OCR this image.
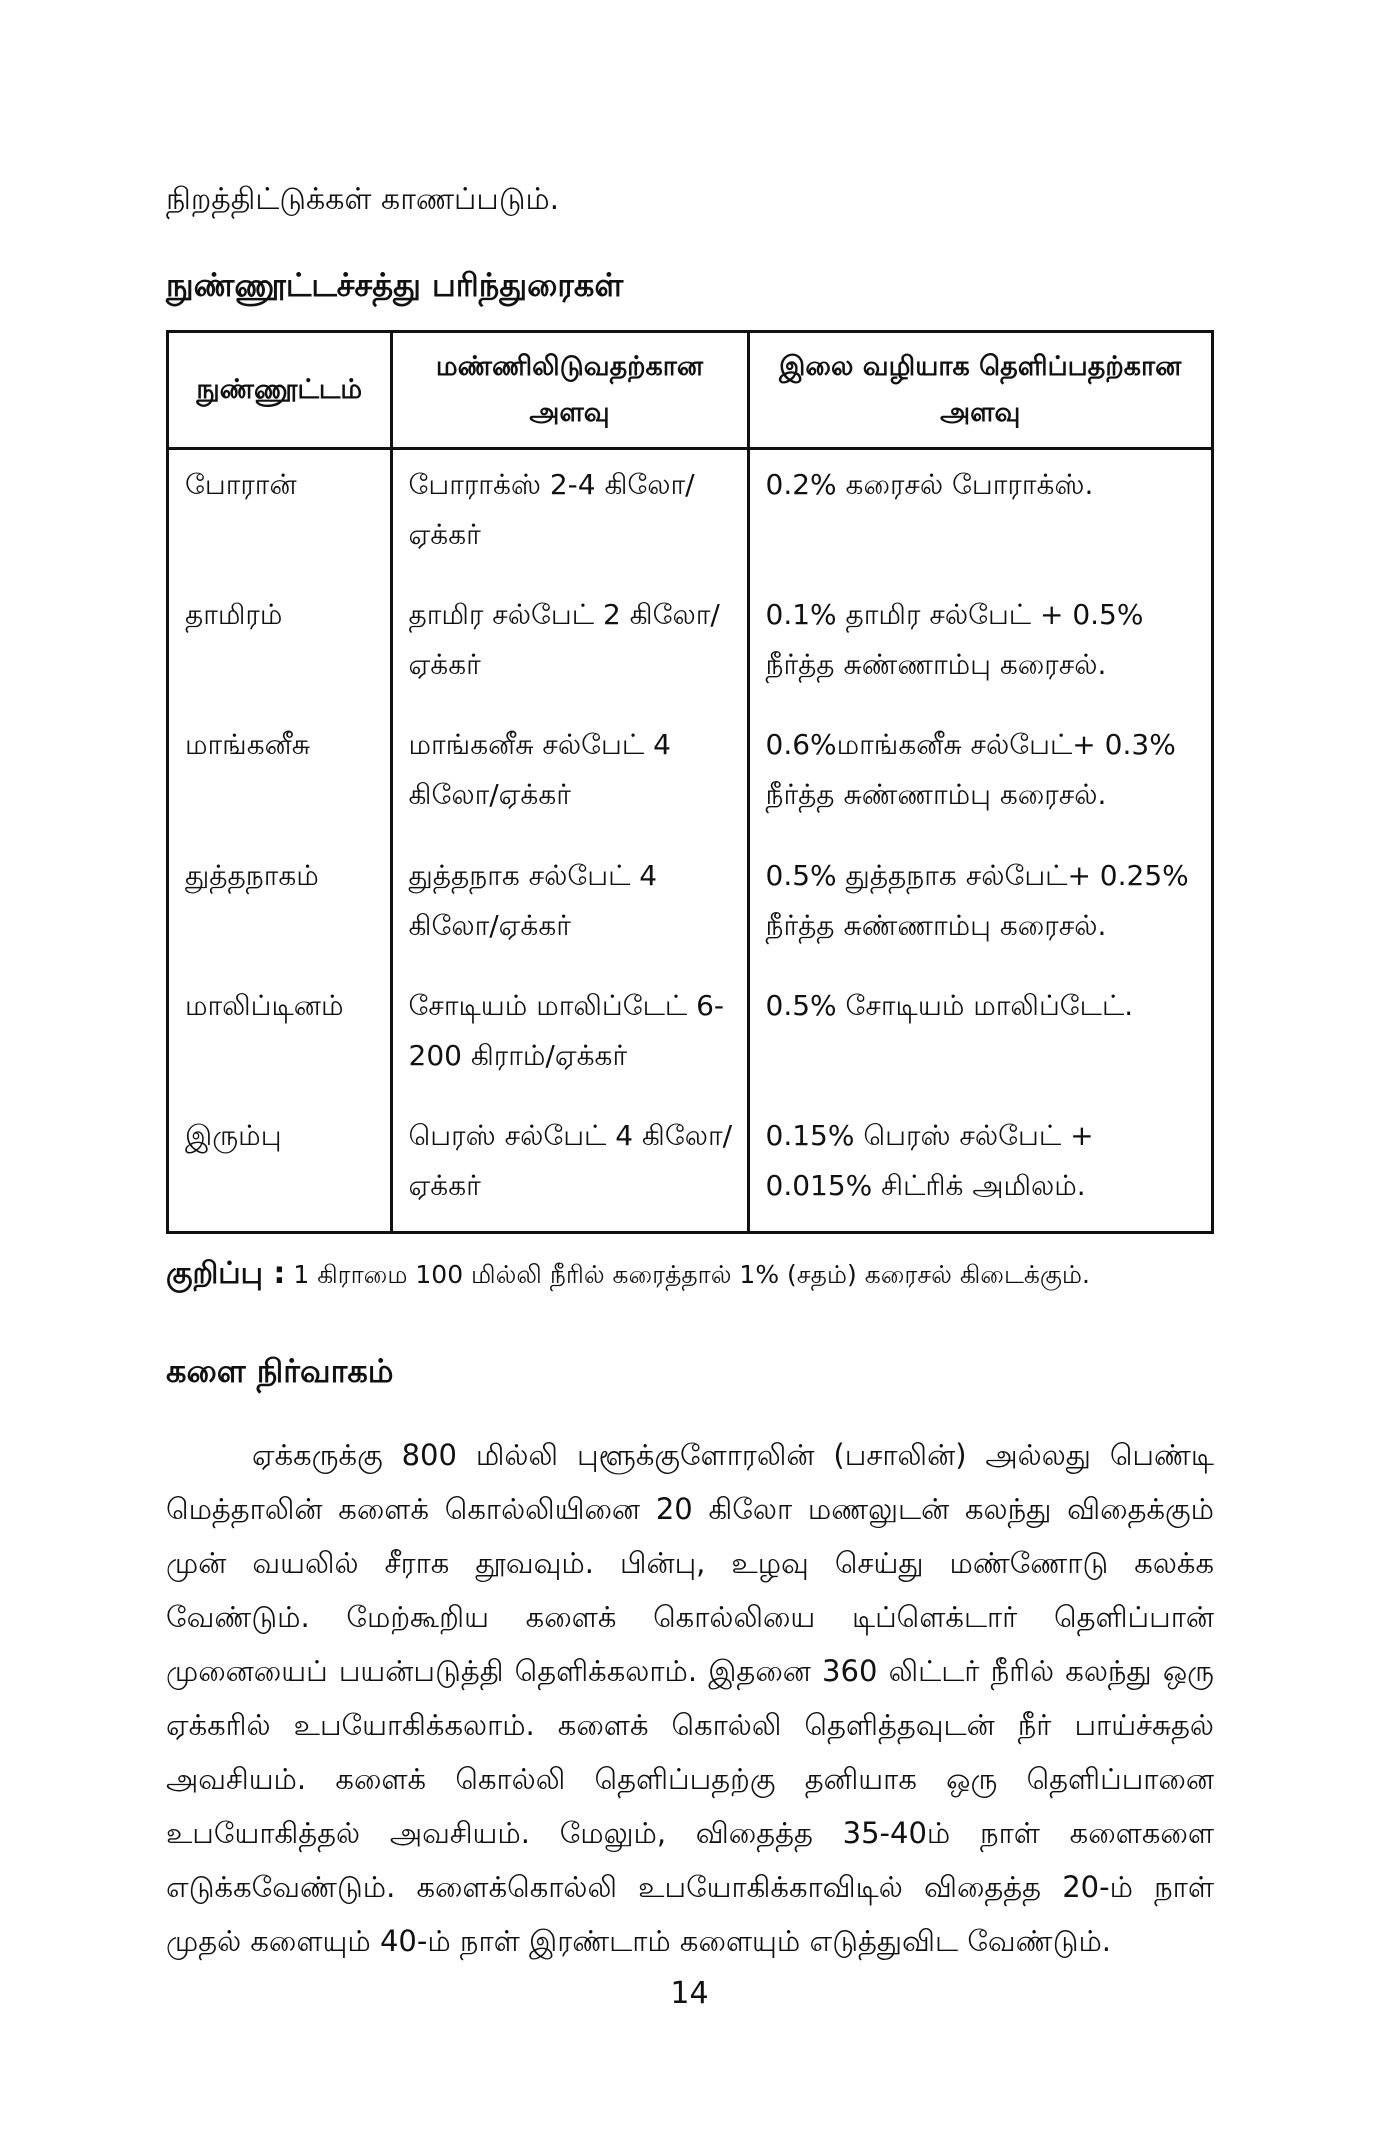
நிறத்திட்டுக்கள் காணப்படும்.
நுண்ணூட்டச்சத்து பரிந்துரைகள்
நுண்ணூட்டம்	மண்ணிலிடுவதற்கான அளவு	இலை வழியாக தெளிப்பதற்கான அளவு
போரான்	போராக்ஸ் 2-4 கிலோ/ ஏக்கர்	0.2% கரைசல் போராக்ஸ்.
தாமிரம்	தாமிர சல்பேட் 2 கிலோ/ஏக்கர்	0.1% தாமிர சல்பேட் + 0.5% நீர்த்த சுண்ணாம்பு கரைசல்.
மாங்கனீசு	மாங்கனீசு சல்பேட் 4 கிலோ/ஏக்கர்	0.6%மாங்கனீசு சல்பேட்+ 0.3% நீர்த்த சுண்ணாம்பு கரைசல்.
துத்தநாகம்	துத்தநாக சல்பேட் 4 கிலோ/ஏக்கர்	0.5% துத்தநாக சல்பேட்+ 0.25% நீர்த்த சுண்ணாம்பு கரைசல்.
மாலிப்டினம்	சோடியம் மாலிப்டேட் 6-200 கிராம்/ஏக்கர்	0.5% சோடியம் மாலிப்டேட்.
இரும்பு	பெரஸ் சல்பேட் 4 கிலோ/ஏக்கர்	0.15% பெரஸ் சல்பேட் + 0.015% சிட்ரிக் அமிலம்.
குறிப்பு : 1 கிராமை 100 மில்லி நீரில் கரைத்தால் 1% (சதம்) கரைசல் கிடைக்கும்.
களை நிர்வாகம்

ஏக்கருக்கு 800 மில்லி புளூக்குளோரலின் (பசாலின்) அல்லது பெண்டி மெத்தாலின் களைக் கொல்லியினை 20 கிலோ மணலுடன் கலந்து விதைக்கும் முன் வயலில் சீராக தூவவும். பின்பு, உழவு செய்து மண்ணோடு கலக்க வேண்டும். மேற்கூறிய களைக் கொல்லியை டிப்ளெக்டார் தெளிப்பான் முனையைப் பயன்படுத்தி தெளிக்கலாம். இதனை 360 லிட்டர் நீரில் கலந்து ஒரு ஏக்கரில் உபயோகிக்கலாம். களைக் கொல்லி தெளித்தவுடன் நீர் பாய்ச்சுதல் அவசியம். களைக் கொல்லி தெளிப்பதற்கு தனியாக ஒரு தெளிப்பானை உபயோகித்தல் அவசியம். மேலும், விதைத்த 35-40ம் நாள் களைகளை எடுக்கவேண்டும். களைக்கொல்லி உபயோகிக்காவிடில் விதைத்த 20-ம் நாள் முதல் களையும் 40-ம் நாள் இரண்டாம் களையும் எடுத்துவிட வேண்டும்.

14
